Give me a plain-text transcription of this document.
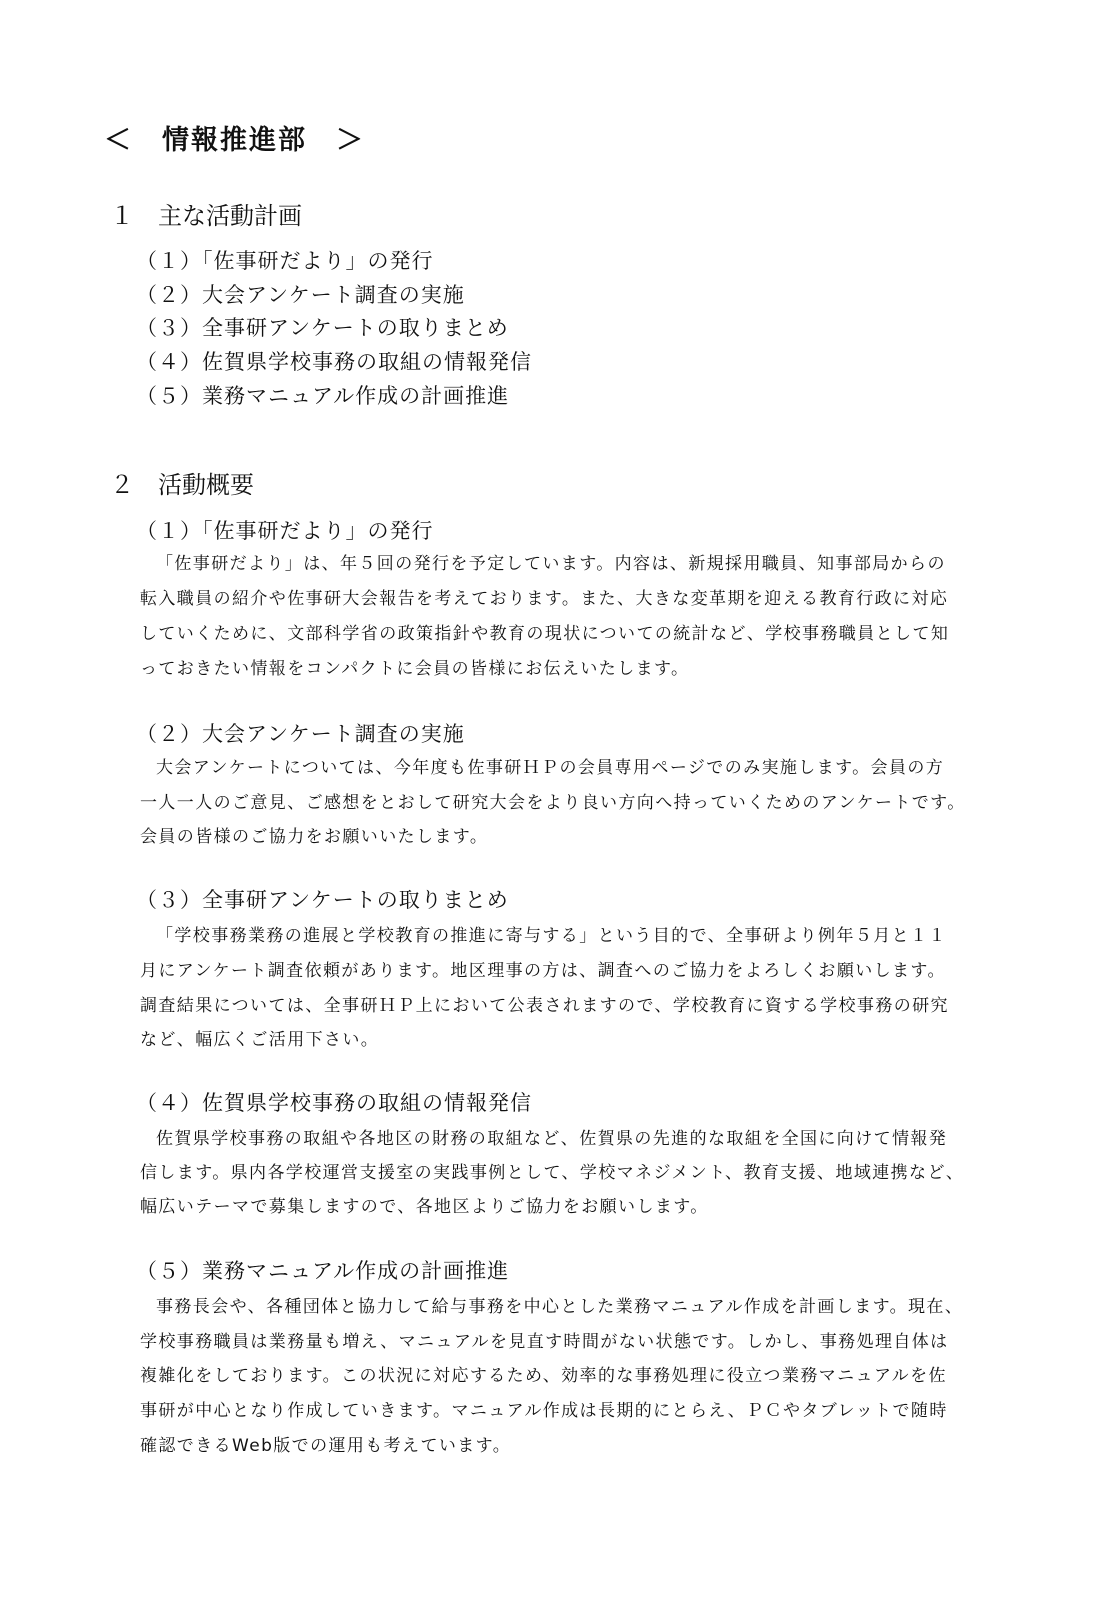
＜　情報推進部　＞
１　主な活動計画
（１）「佐事研だより」の発行
（２）大会アンケート調査の実施
（３）全事研アンケートの取りまとめ
（４）佐賀県学校事務の取組の情報発信
（５）業務マニュアル作成の計画推進
２　活動概要
（１）「佐事研だより」の発行
「佐事研だより」は、年５回の発行を予定しています。内容は、新規採用職員、知事部局からの
転入職員の紹介や佐事研大会報告を考えております。また、大きな変革期を迎える教育行政に対応
していくために、文部科学省の政策指針や教育の現状についての統計など、学校事務職員として知
っておきたい情報をコンパクトに会員の皆様にお伝えいたします。
（２）大会アンケート調査の実施
大会アンケートについては、今年度も佐事研ＨＰの会員専用ページでのみ実施します。会員の方
一人一人のご意見、ご感想をとおして研究大会をより良い方向へ持っていくためのアンケートです。
会員の皆様のご協力をお願いいたします。
（３）全事研アンケートの取りまとめ
「学校事務業務の進展と学校教育の推進に寄与する」という目的で、全事研より例年５月と１１
月にアンケート調査依頼があります。地区理事の方は、調査へのご協力をよろしくお願いします。
調査結果については、全事研ＨＰ上において公表されますので、学校教育に資する学校事務の研究
など、幅広くご活用下さい。
（４）佐賀県学校事務の取組の情報発信
佐賀県学校事務の取組や各地区の財務の取組など、佐賀県の先進的な取組を全国に向けて情報発
信します。県内各学校運営支援室の実践事例として、学校マネジメント、教育支援、地域連携など、
幅広いテーマで募集しますので、各地区よりご協力をお願いします。
（５）業務マニュアル作成の計画推進
事務長会や、各種団体と協力して給与事務を中心とした業務マニュアル作成を計画します。現在、
学校事務職員は業務量も増え、マニュアルを見直す時間がない状態です。しかし、事務処理自体は
複雑化をしております。この状況に対応するため、効率的な事務処理に役立つ業務マニュアルを佐
事研が中心となり作成していきます。マニュアル作成は長期的にとらえ、ＰＣやタブレットで随時
確認できるWeb版での運用も考えています。
